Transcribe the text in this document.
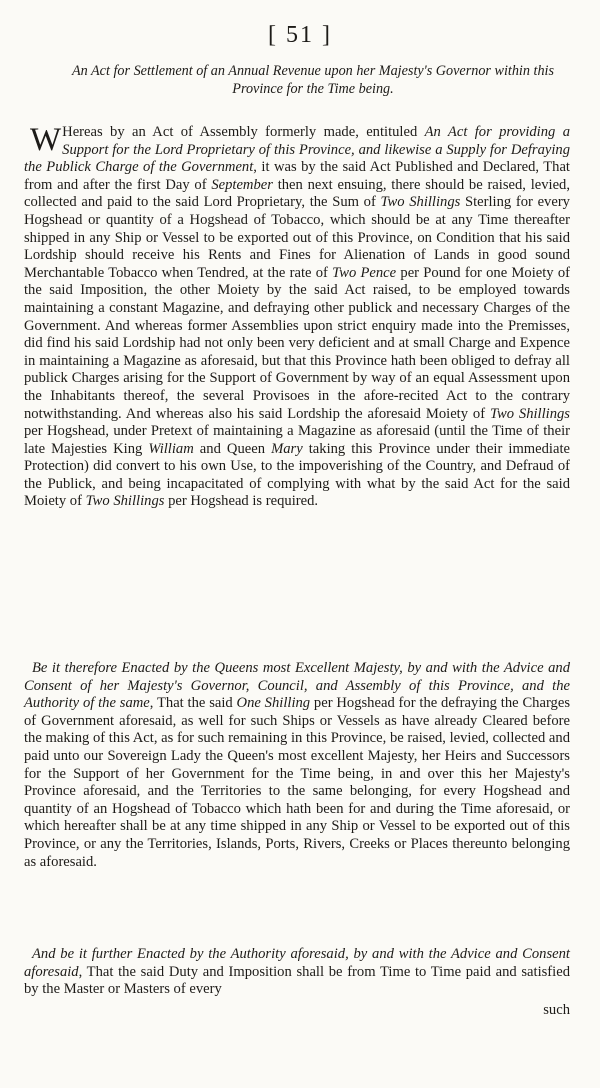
[ 51 ]
An Act for Settlement of an Annual Revenue upon her Majesty's Governor within this Province for the Time being.
W Hereas by an Act of Assembly formerly made, entituled An Act for providing a Support for the Lord Proprietary of this Province, and likewise a Supply for Defraying the Publick Charge of the Government, it was by the said Act Published and Declared, That from and after the first Day of September then next ensuing, there should be raised, levied, collected and paid to the said Lord Proprietary, the Sum of Two Shillings Sterling for every Hogshead or quantity of a Hogshead of Tobacco, which should be at any Time thereafter shipped in any Ship or Vessel to be exported out of this Province, on Condition that his said Lordship should receive his Rents and Fines for Alienation of Lands in good sound Merchantable Tobacco when Tendred, at the rate of Two Pence per Pound for one Moiety of the said Imposition, the other Moiety by the said Act raised, to be employed towards maintaining a constant Magazine, and defraying other publick and necessary Charges of the Government. And whereas former Assemblies upon strict enquiry made into the Premisses, did find his said Lordship had not only been very deficient and at small Charge and Expence in maintaining a Magazine as aforesaid, but that this Province hath been obliged to defray all publick Charges arising for the Support of Government by way of an equal Assessment upon the Inhabitants thereof, the several Provisoes in the afore-recited Act to the contrary notwithstanding. And whereas also his said Lordship the aforesaid Moiety of Two Shillings per Hogshead, under Pretext of maintaining a Magazine as aforesaid (until the Time of their late Majesties King William and Queen Mary taking this Province under their immediate Protection) did convert to his own Use, to the impoverishing of the Country, and Defraud of the Publick, and being incapacitated of complying with what by the said Act for the said Moiety of Two Shillings per Hogshead is required.
Be it therefore Enacted by the Queens most Excellent Majesty, by and with the Advice and Consent of her Majesty's Governor, Council, and Assembly of this Province, and the Authority of the same, That the said One Shilling per Hogshead for the defraying the Charges of Government aforesaid, as well for such Ships or Vessels as have already Cleared before the making of this Act, as for such remaining in this Province, be raised, levied, collected and paid unto our Sovereign Lady the Queen's most excellent Majesty, her Heirs and Successors for the Support of her Government for the Time being, in and over this her Majesty's Province aforesaid, and the Territories to the same belonging, for every Hogshead and quantity of an Hogshead of Tobacco which hath been for and during the Time aforesaid, or which hereafter shall be at any time shipped in any Ship or Vessel to be exported out of this Province, or any the Territories, Islands, Ports, Rivers, Creeks or Places thereunto belonging as aforesaid.
And be it further Enacted by the Authority aforesaid, by and with the Advice and Consent aforesaid, That the said Duty and Imposition shall be from Time to Time paid and satisfied by the Master or Masters of every
such
